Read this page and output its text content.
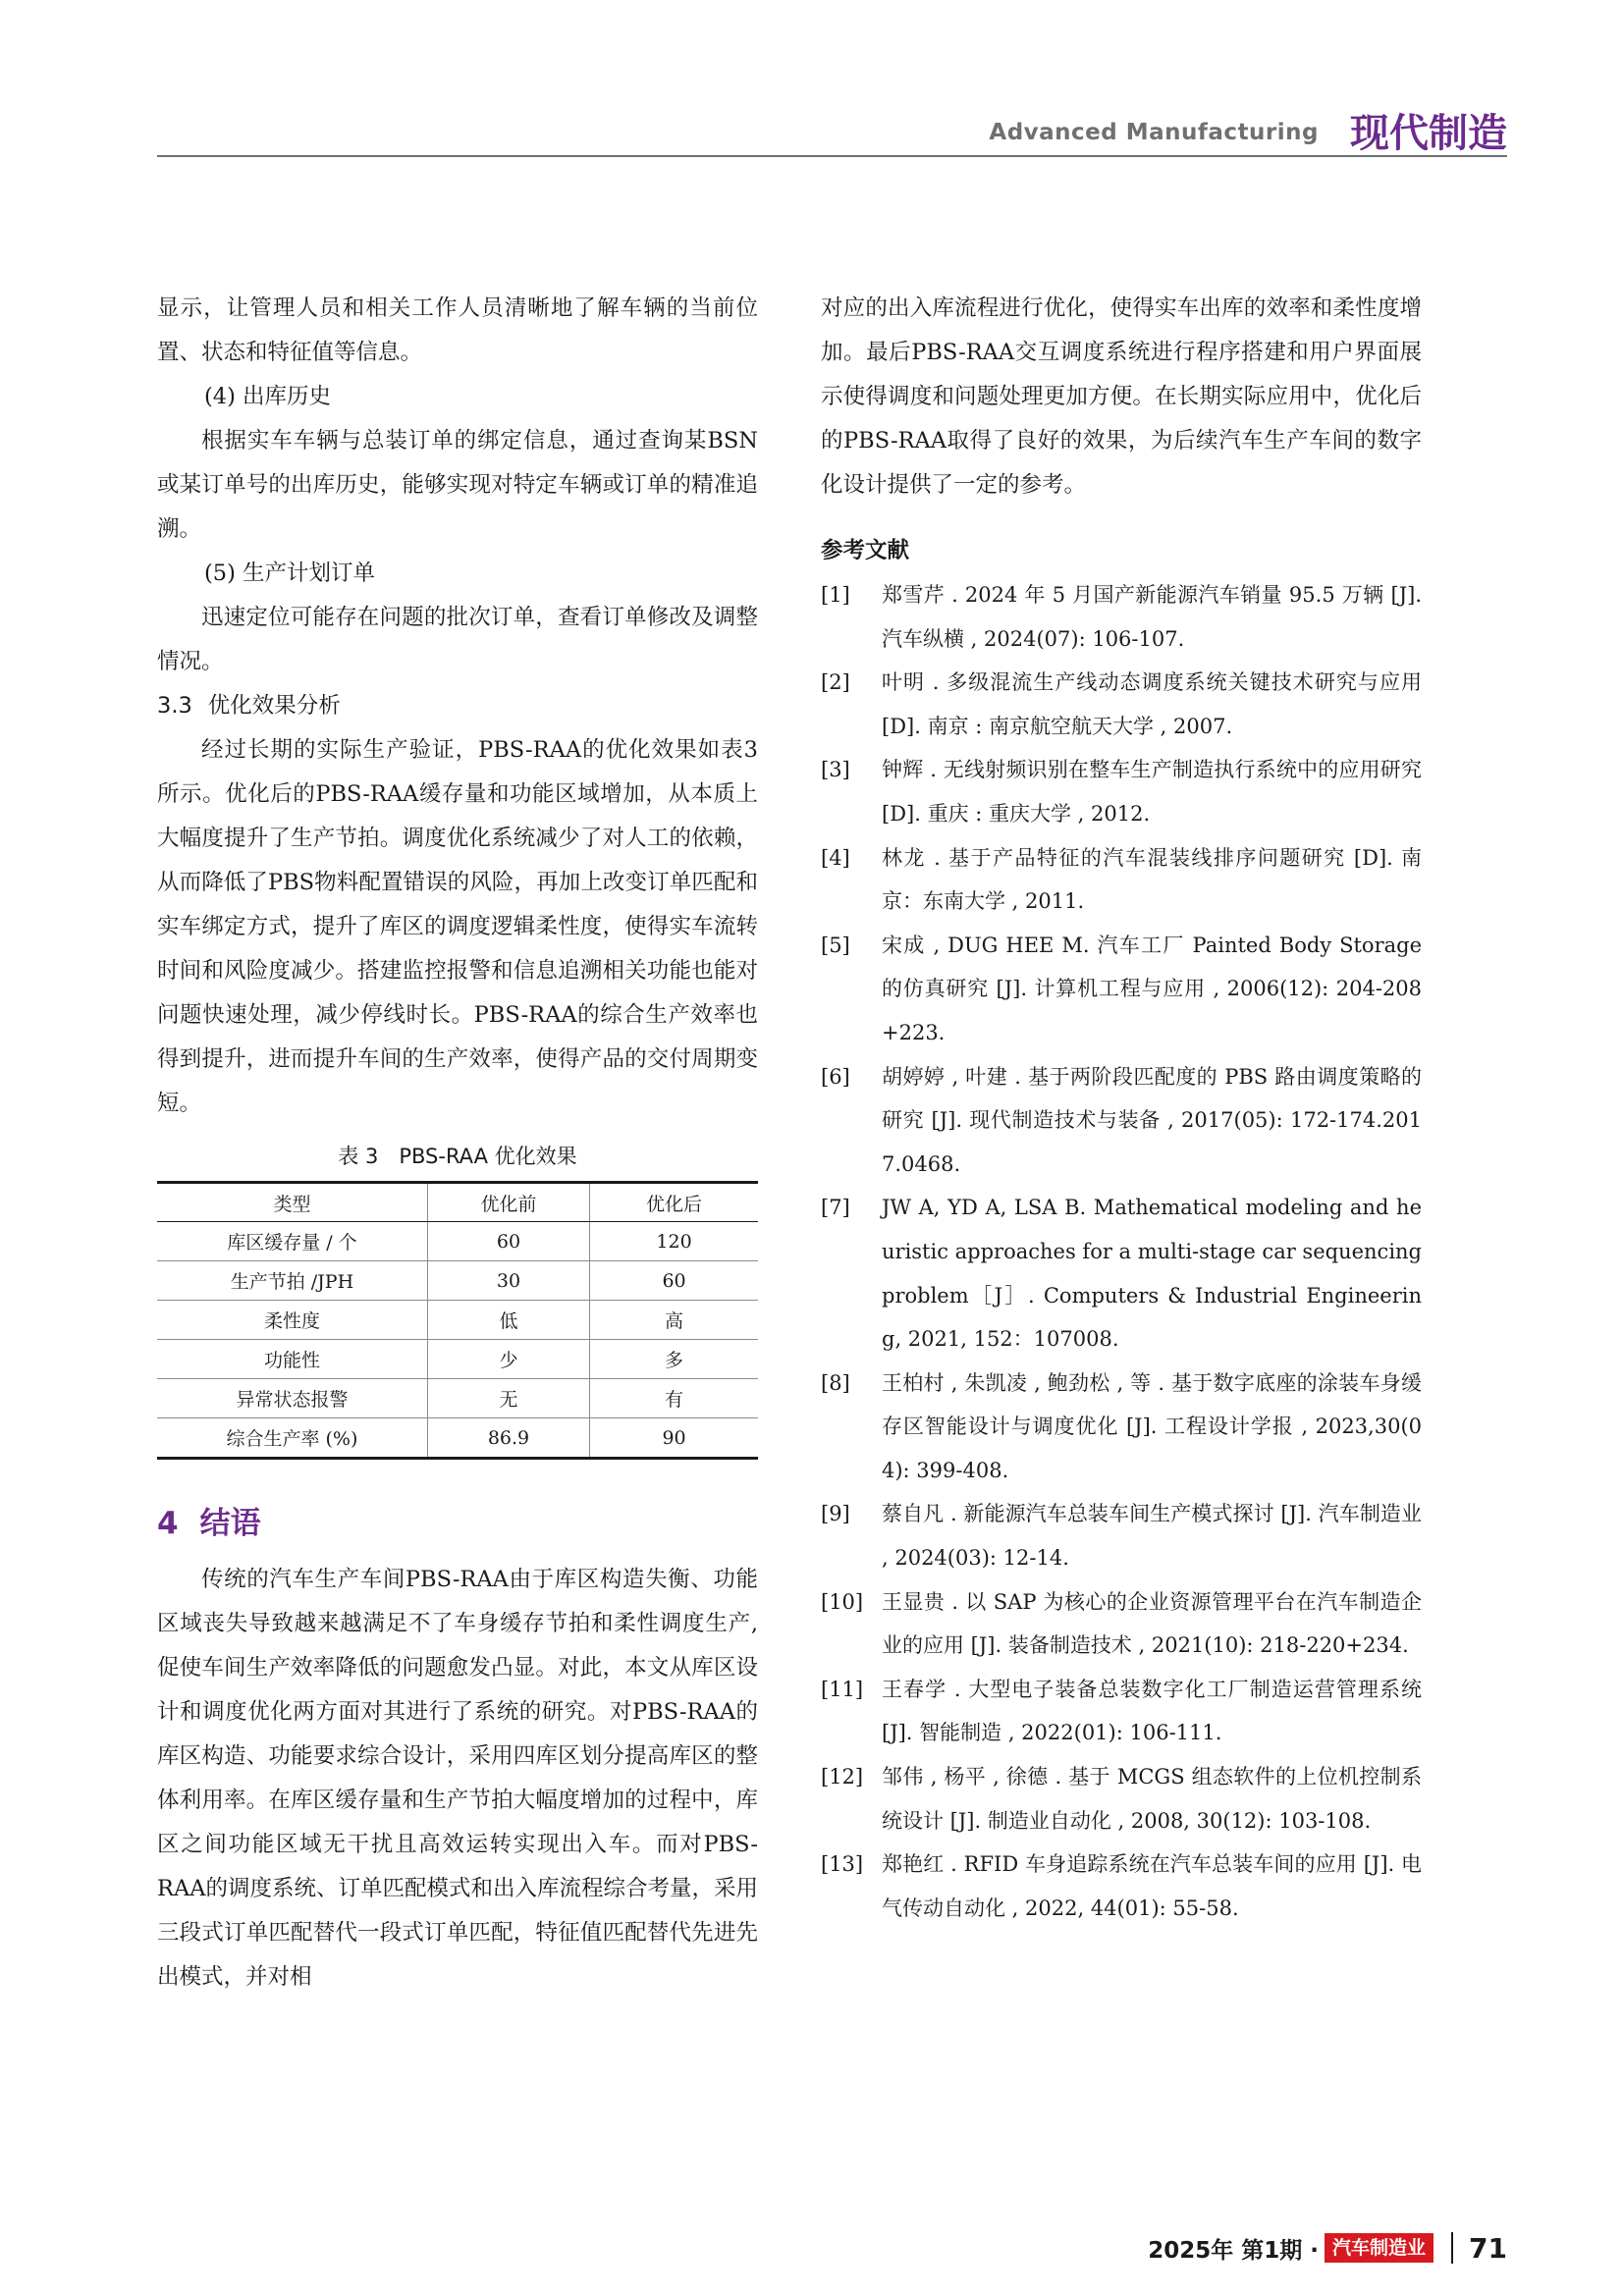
Advanced Manufacturing 现代制造

显示，让管理人员和相关工作人员清晰地了解车辆的当前位置、状态和特征值等信息。

(4) 出库历史

根据实车车辆与总装订单的绑定信息，通过查询某BSN或某订单号的出库历史，能够实现对特定车辆或订单的精准追溯。

(5) 生产计划订单

迅速定位可能存在问题的批次订单，查看订单修改及调整情况。

3.3 优化效果分析

经过长期的实际生产验证，PBS-RAA的优化效果如表3所示。优化后的PBS-RAA缓存量和功能区域增加，从本质上大幅度提升了生产节拍。调度优化系统减少了对人工的依赖，从而降低了PBS物料配置错误的风险，再加上改变订单匹配和实车绑定方式，提升了库区的调度逻辑柔性度，使得实车流转时间和风险度减少。搭建监控报警和信息追溯相关功能也能对问题快速处理，减少停线时长。PBS-RAA的综合生产效率也得到提升，进而提升车间的生产效率，使得产品的交付周期变短。

表 3　PBS-RAA 优化效果
类型	优化前	优化后
库区缓存量 / 个	60	120
生产节拍 /JPH	30	60
柔性度	低	高
功能性	少	多
异常状态报警	无	有
综合生产率 (%)	86.9	90
4 结语

传统的汽车生产车间PBS-RAA由于库区构造失衡、功能区域丧失导致越来越满足不了车身缓存节拍和柔性调度生产,促使车间生产效率降低的问题愈发凸显。对此，本文从库区设计和调度优化两方面对其进行了系统的研究。对PBS-RAA的库区构造、功能要求综合设计，采用四库区划分提高库区的整体利用率。在库区缓存量和生产节拍大幅度增加的过程中，库区之间功能区域无干扰且高效运转实现出入车。而对PBS-RAA的调度系统、订单匹配模式和出入库流程综合考量，采用三段式订单匹配替代一段式订单匹配，特征值匹配替代先进先出模式，并对相

对应的出入库流程进行优化，使得实车出库的效率和柔性度增加。最后PBS-RAA交互调度系统进行程序搭建和用户界面展示使得调度和问题处理更加方便。在长期实际应用中，优化后的PBS-RAA取得了良好的效果，为后续汽车生产车间的数字化设计提供了一定的参考。

参考文献
[1]	郑雪芹 . 2024 年 5 月国产新能源汽车销量 95.5 万辆 [J]. 汽车纵横 , 2024(07): 106-107.
[2]	叶明 . 多级混流生产线动态调度系统关键技术研究与应用 [D]. 南京 : 南京航空航天大学 , 2007.
[3]	钟辉 . 无线射频识别在整车生产制造执行系统中的应用研究 [D]. 重庆 : 重庆大学 , 2012.
[4]	林龙 . 基于产品特征的汽车混装线排序问题研究 [D]. 南京：东南大学 , 2011.
[5]	宋成 , DUG HEE M. 汽车工厂 Painted Body Storage 的仿真研究 [J]. 计算机工程与应用 , 2006(12): 204-208+223.
[6]	胡婷婷 , 叶建 . 基于两阶段匹配度的 PBS 路由调度策略的研究 [J]. 现代制造技术与装备 , 2017(05): 172-174.2017.0468.
[7]	JW A, YD A, LSA B. Mathematical modeling and heuristic approaches for a multi-stage car sequencing problem［J］. Computers & Industrial Engineering, 2021, 152：107008.
[8]	王柏村 , 朱凯凌 , 鲍劲松 , 等 . 基于数字底座的涂装车身缓存区智能设计与调度优化 [J]. 工程设计学报 , 2023,30(04): 399-408.
[9]	蔡自凡 . 新能源汽车总装车间生产模式探讨 [J]. 汽车制造业 , 2024(03): 12-14.
[10] 王显贵 . 以 SAP 为核心的企业资源管理平台在汽车制造企业的应用 [J]. 装备制造技术 , 2021(10): 218-220+234.
[11] 王春学 . 大型电子装备总装数字化工厂制造运营管理系统 [J]. 智能制造 , 2022(01): 106-111.
[12] 邹伟 , 杨平 , 徐德 . 基于 MCGS 组态软件的上位机控制系统设计 [J]. 制造业自动化 , 2008, 30(12): 103-108.
[13] 郑艳红 . RFID 车身追踪系统在汽车总装车间的应用 [J]. 电气传动自动化 , 2022, 44(01): 55-58.
2025年 第1期 · 汽车制造业 71
